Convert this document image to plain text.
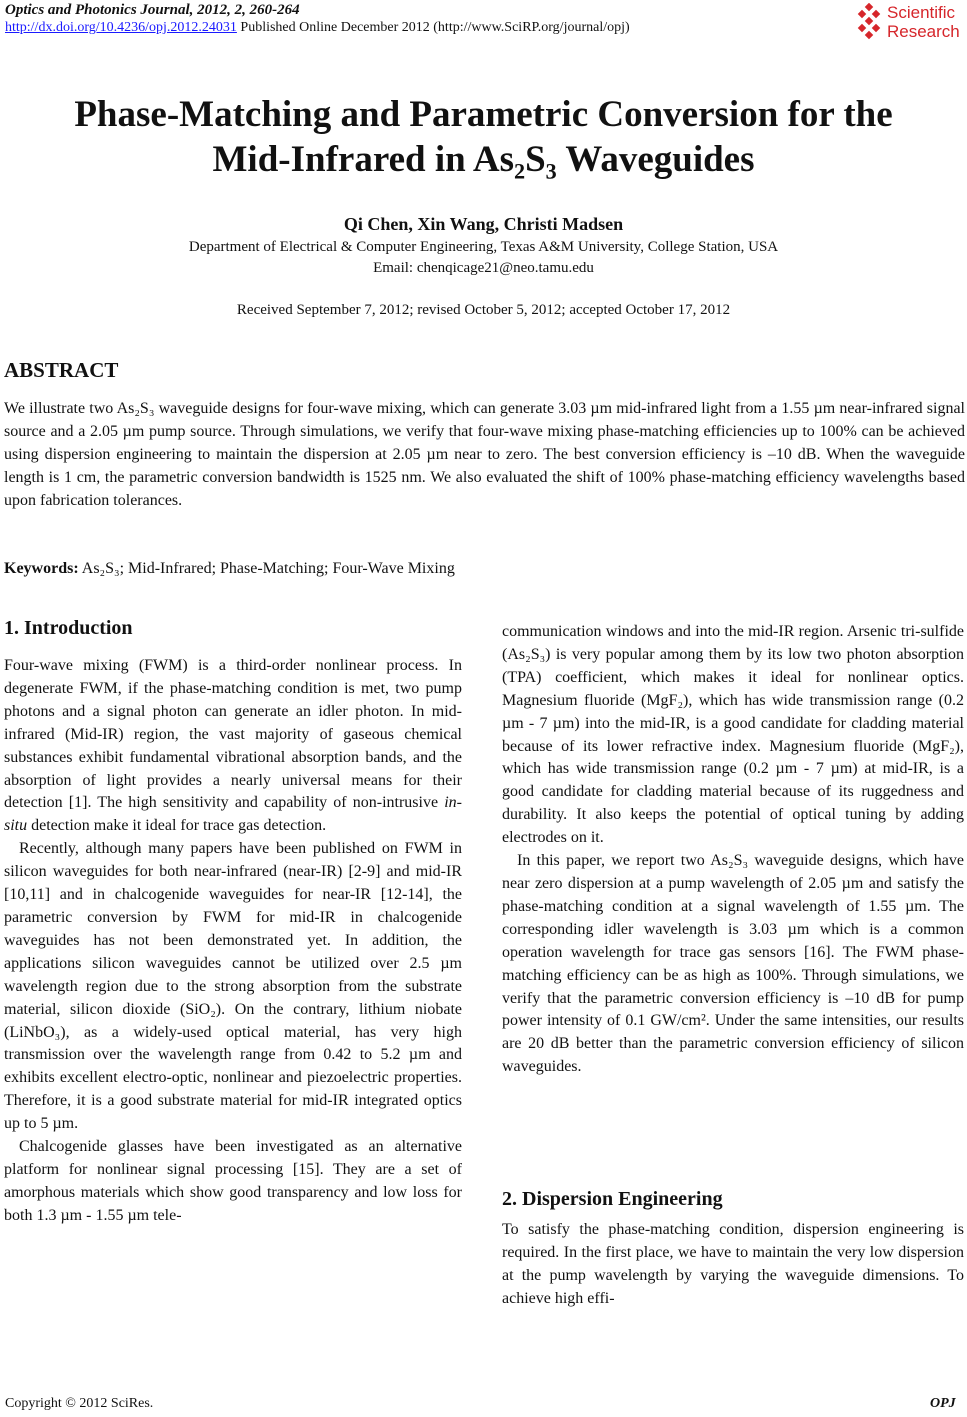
Optics and Photonics Journal, 2012, 2, 260-264
http://dx.doi.org/10.4236/opj.2012.24031 Published Online December 2012 (http://www.SciRP.org/journal/opj)
Scientific
Research
Phase-Matching and Parametric Conversion for the
Mid-Infrared in As₂S₃ Waveguides
Qi Chen, Xin Wang, Christi Madsen
Department of Electrical & Computer Engineering, Texas A&M University, College Station, USA
Email: chenqicage21@neo.tamu.edu
Received September 7, 2012; revised October 5, 2012; accepted October 17, 2012
ABSTRACT
We illustrate two As₂S₃ waveguide designs for four-wave mixing, which can generate 3.03 µm mid-infrared light from a 1.55 µm near-infrared signal source and a 2.05 µm pump source. Through simulations, we verify that four-wave mixing phase-matching efficiencies up to 100% can be achieved using dispersion engineering to maintain the dispersion at 2.05 µm near to zero. The best conversion efficiency is –10 dB. When the waveguide length is 1 cm, the parametric conversion bandwidth is 1525 nm. We also evaluated the shift of 100% phase-matching efficiency wavelengths based upon fabrication tolerances.
Keywords: As₂S₃; Mid-Infrared; Phase-Matching; Four-Wave Mixing
1. Introduction

Four-wave mixing (FWM) is a third-order nonlinear process. In degenerate FWM, if the phase-matching condition is met, two pump photons and a signal photon can generate an idler photon. In mid-infrared (Mid-IR) region, the vast majority of gaseous chemical substances exhibit fundamental vibrational absorption bands, and the absorption of light provides a nearly universal means for their detection [1]. The high sensitivity and capability of non-intrusive in-situ detection make it ideal for trace gas detection.

Recently, although many papers have been published on FWM in silicon waveguides for both near-infrared (near-IR) [2-9] and mid-IR [10,11] and in chalcogenide waveguides for near-IR [12-14], the parametric conversion by FWM for mid-IR in chalcogenide waveguides has not been demonstrated yet. In addition, the applications silicon waveguides cannot be utilized over 2.5 µm wavelength region due to the strong absorption from the substrate material, silicon dioxide (SiO₂). On the contrary, lithium niobate (LiNbO₃), as a widely-used optical material, has very high transmission over the wavelength range from 0.42 to 5.2 µm and exhibits excellent electro-optic, nonlinear and piezoelectric properties. Therefore, it is a good substrate material for mid-IR integrated optics up to 5 µm.

Chalcogenide glasses have been investigated as an alternative platform for nonlinear signal processing [15]. They are a set of amorphous materials which show good transparency and low loss for both 1.3 µm - 1.55 µm tele-

communication windows and into the mid-IR region. Arsenic tri-sulfide (As₂S₃) is very popular among them by its low two photon absorption (TPA) coefficient, which makes it ideal for nonlinear optics. Magnesium fluoride (MgF₂), which has wide transmission range (0.2 µm - 7 µm) into the mid-IR, is a good candidate for cladding material because of its lower refractive index. Magnesium fluoride (MgF₂), which has wide transmission range (0.2 µm - 7 µm) at mid-IR, is a good candidate for cladding material because of its ruggedness and durability. It also keeps the potential of optical tuning by adding electrodes on it.

In this paper, we report two As₂S₃ waveguide designs, which have near zero dispersion at a pump wavelength of 2.05 µm and satisfy the phase-matching condition at a signal wavelength of 1.55 µm. The corresponding idler wavelength is 3.03 µm which is a common operation wavelength for trace gas sensors [16]. The FWM phase-matching efficiency can be as high as 100%. Through simulations, we verify that the parametric conversion efficiency is –10 dB for pump power intensity of 0.1 GW/cm². Under the same intensities, our results are 20 dB better than the parametric conversion efficiency of silicon waveguides.

2. Dispersion Engineering

To satisfy the phase-matching condition, dispersion engineering is required. In the first place, we have to maintain the very low dispersion at the pump wavelength by varying the waveguide dimensions. To achieve high effi-

Copyright © 2012 SciRes.	OPJ
